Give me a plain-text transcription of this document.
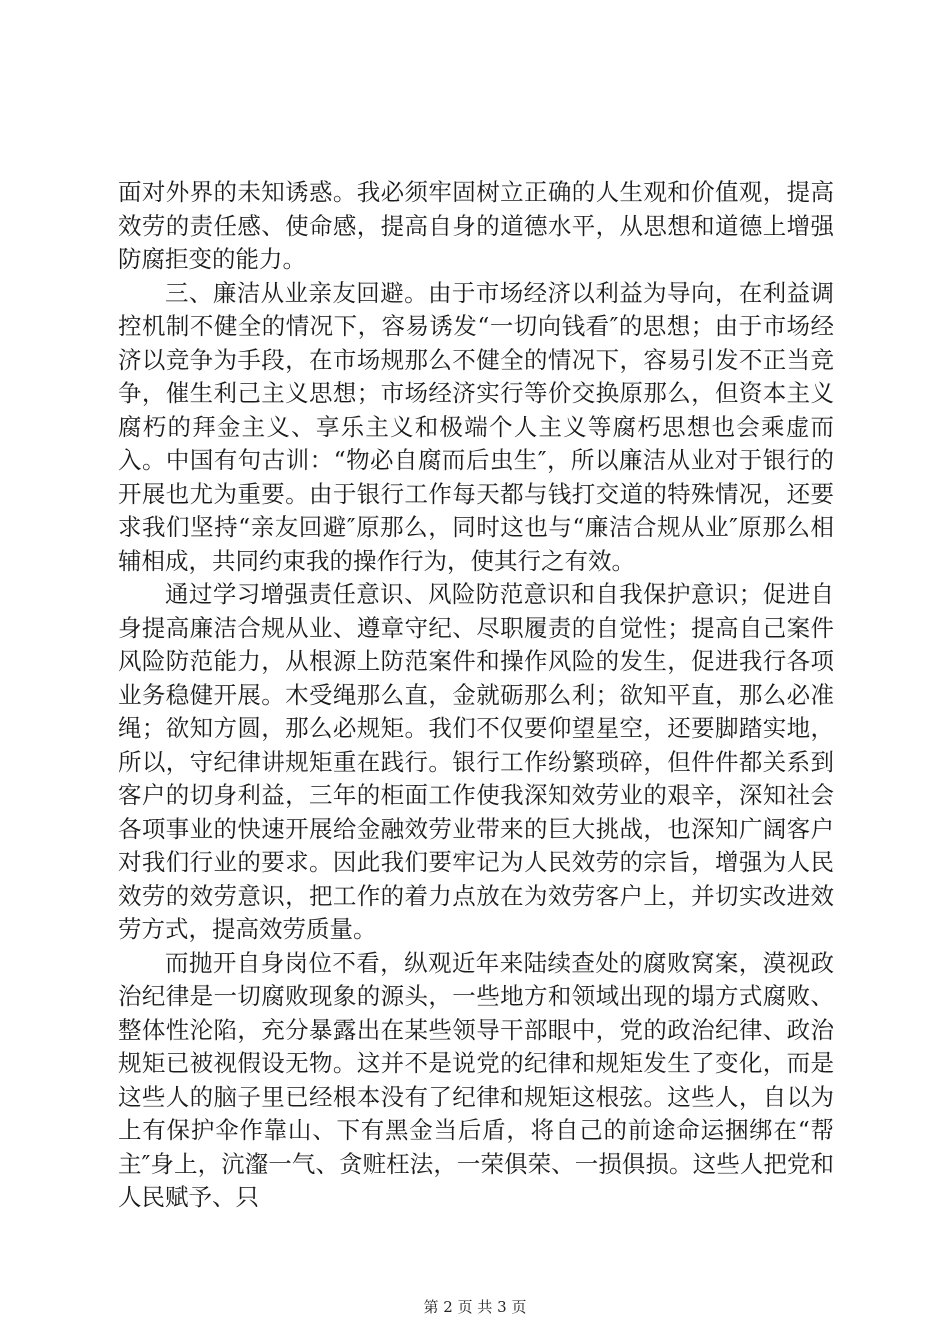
面对外界的未知诱惑。我必须牢固树立正确的人生观和价值观，提高效劳的责任感、使命感，提高自身的道德水平，从思想和道德上增强防腐拒变的能力。

三、廉洁从业亲友回避。由于市场经济以利益为导向，在利益调控机制不健全的情况下，容易诱发“一切向钱看″的思想；由于市场经济以竞争为手段，在市场规那么不健全的情况下，容易引发不正当竞争，催生利己主义思想；市场经济实行等价交换原那么，但资本主义腐朽的拜金主义、享乐主义和极端个人主义等腐朽思想也会乘虚而入。中国有句古训：“物必自腐而后虫生″，所以廉洁从业对于银行的开展也尤为重要。由于银行工作每天都与钱打交道的特殊情况，还要求我们坚持“亲友回避″原那么，同时这也与“廉洁合规从业″原那么相辅相成，共同约束我的操作行为，使其行之有效。

通过学习增强责任意识、风险防范意识和自我保护意识；促进自身提高廉洁合规从业、遵章守纪、尽职履责的自觉性；提高自己案件风险防范能力，从根源上防范案件和操作风险的发生，促进我行各项业务稳健开展。木受绳那么直，金就砺那么利；欲知平直，那么必准绳；欲知方圆，那么必规矩。我们不仅要仰望星空，还要脚踏实地，所以，守纪律讲规矩重在践行。银行工作纷繁琐碎，但件件都关系到客户的切身利益，三年的柜面工作使我深知效劳业的艰辛，深知社会各项事业的快速开展给金融效劳业带来的巨大挑战，也深知广阔客户对我们行业的要求。因此我们要牢记为人民效劳的宗旨，增强为人民效劳的效劳意识，把工作的着力点放在为效劳客户上，并切实改进效劳方式，提高效劳质量。

而抛开自身岗位不看，纵观近年来陆续查处的腐败窝案，漠视政治纪律是一切腐败现象的源头，一些地方和领域出现的塌方式腐败、整体性沦陷，充分暴露出在某些领导干部眼中，党的政治纪律、政治规矩已被视假设无物。这并不是说党的纪律和规矩发生了变化，而是这些人的脑子里已经根本没有了纪律和规矩这根弦。这些人，自以为上有保护伞作靠山、下有黑金当后盾，将自己的前途命运捆绑在“帮主″身上，沆瀣一气、贪赃枉法，一荣俱荣、一损俱损。这些人把党和人民赋予、只

第 2 页 共 3 页
